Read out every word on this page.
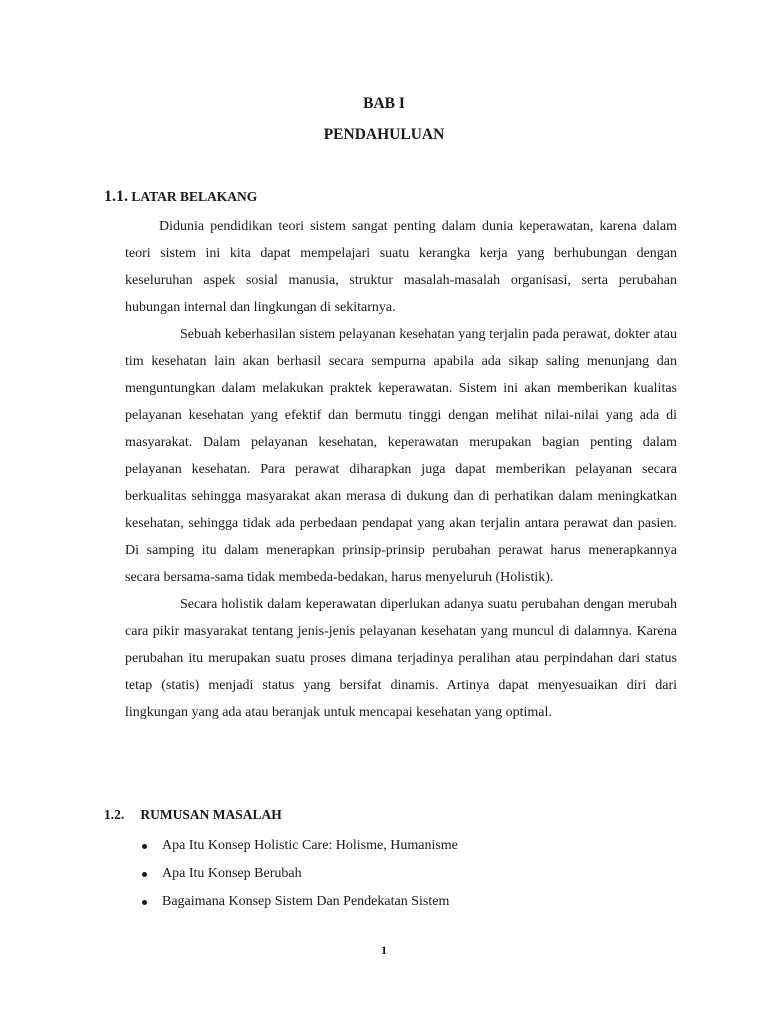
BAB I
PENDAHULUAN
1.1. LATAR BELAKANG

Didunia pendidikan teori sistem sangat penting dalam dunia keperawatan, karena dalam teori sistem ini kita dapat mempelajari suatu kerangka kerja yang berhubungan dengan keseluruhan aspek sosial manusia, struktur masalah-masalah organisasi, serta perubahan hubungan internal dan lingkungan di sekitarnya.

Sebuah keberhasilan sistem pelayanan kesehatan yang terjalin pada perawat, dokter atau tim kesehatan lain akan berhasil secara sempurna apabila ada sikap saling menunjang dan menguntungkan dalam melakukan praktek keperawatan. Sistem ini akan memberikan kualitas pelayanan kesehatan yang efektif dan bermutu tinggi dengan melihat nilai-nilai yang ada di masyarakat. Dalam pelayanan kesehatan, keperawatan merupakan bagian penting dalam pelayanan kesehatan. Para perawat diharapkan juga dapat memberikan pelayanan secara berkualitas sehingga masyarakat akan merasa di dukung dan di perhatikan dalam meningkatkan kesehatan, sehingga tidak ada perbedaan pendapat yang akan terjalin antara perawat dan pasien. Di samping itu dalam menerapkan prinsip-prinsip perubahan perawat harus menerapkannya secara bersama-sama tidak membeda-bedakan, harus menyeluruh (Holistik).

Secara holistik dalam keperawatan diperlukan adanya suatu perubahan dengan merubah cara pikir masyarakat tentang jenis-jenis pelayanan kesehatan yang muncul di dalamnya. Karena perubahan itu merupakan suatu proses dimana terjadinya peralihan atau perpindahan dari status tetap (statis) menjadi status yang bersifat dinamis. Artinya dapat menyesuaikan diri dari lingkungan yang ada atau beranjak untuk mencapai kesehatan yang optimal.

1.2. RUMUSAN MASALAH
Apa Itu Konsep Holistic Care: Holisme, Humanisme
Apa Itu Konsep Berubah
Bagaimana Konsep Sistem Dan Pendekatan Sistem
1
